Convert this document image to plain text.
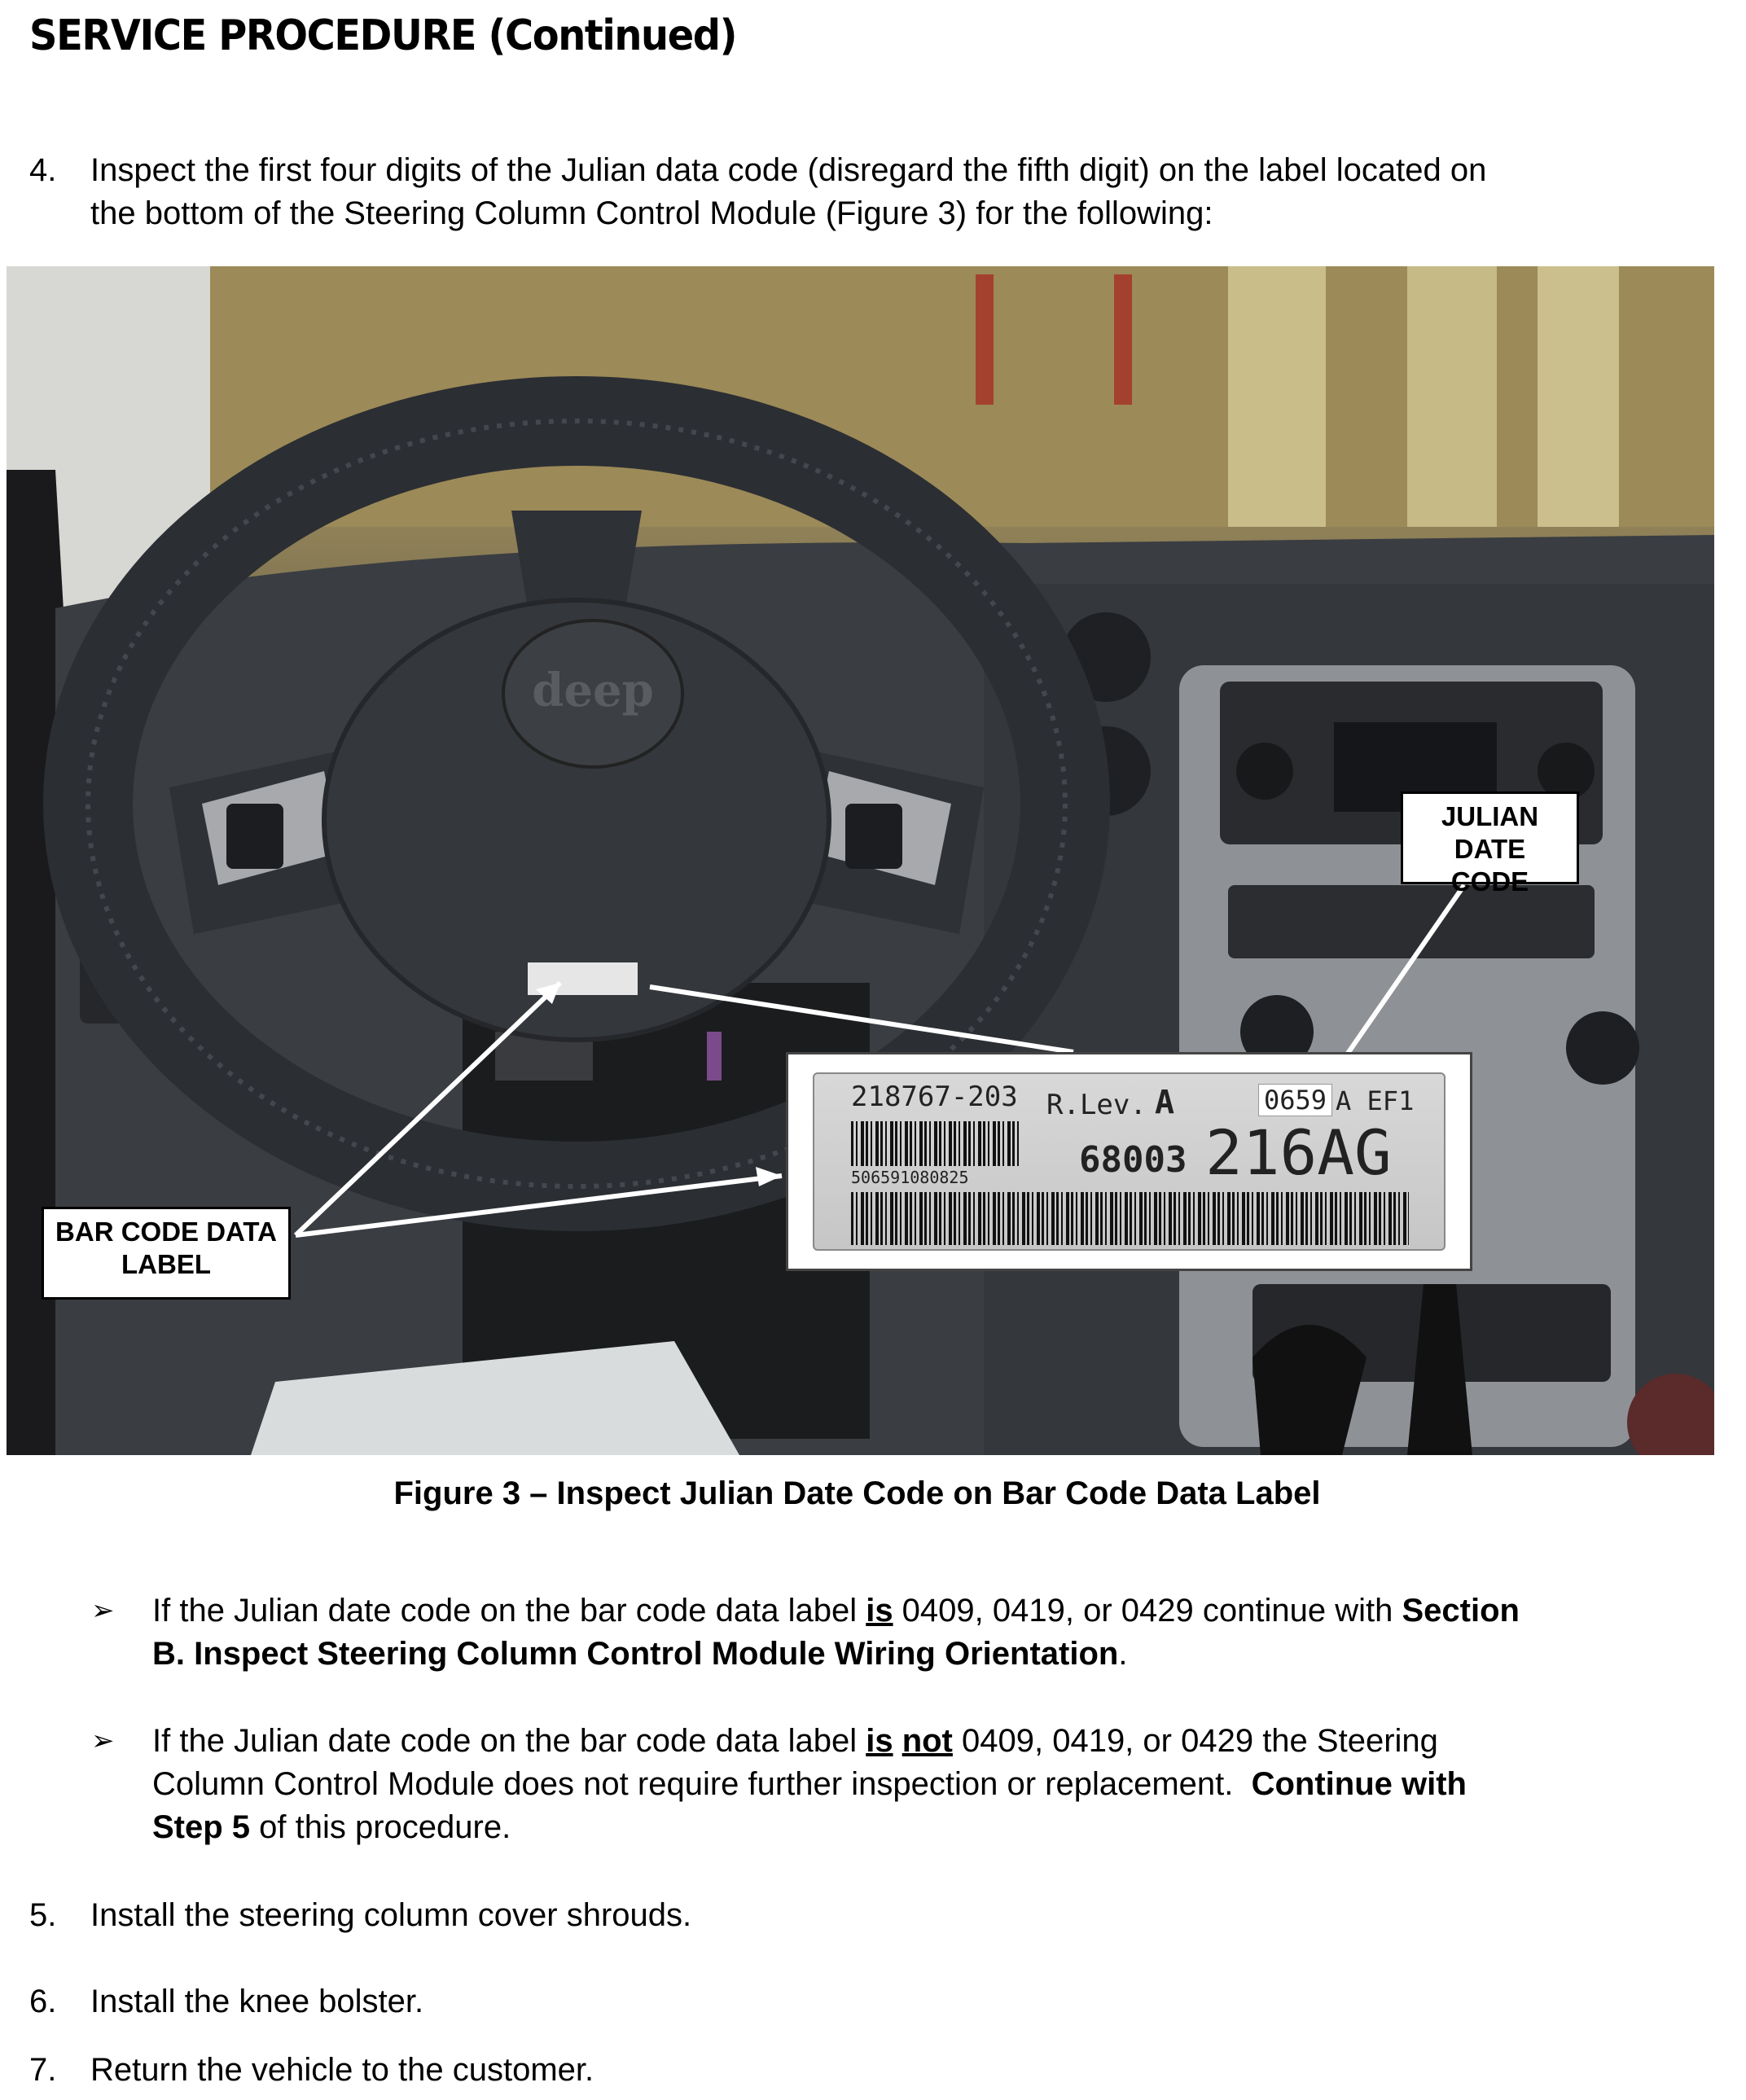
SERVICE PROCEDURE (Continued)
4.	Inspect the first four digits of the Julian data code (disregard the fifth digit) on the label located on
the bottom of the Steering Column Control Module (Figure 3) for the following:
deep
JULIAN DATE
CODE
BAR CODE DATA
LABEL
218767-203 R.Lev. A	0659 A EF1
506591080825	68003 216AG
Figure 3 – Inspect Julian Date Code on Bar Code Data Label
➢ If the Julian date code on the bar code data label is 0409, 0419, or 0429 continue with Section
B. Inspect Steering Column Control Module Wiring Orientation.
➢ If the Julian date code on the bar code data label is not 0409, 0419, or 0429 the Steering
Column Control Module does not require further inspection or replacement.  Continue with
Step 5 of this procedure.
5.	Install the steering column cover shrouds.
6.	Install the knee bolster.
7.	Return the vehicle to the customer.
